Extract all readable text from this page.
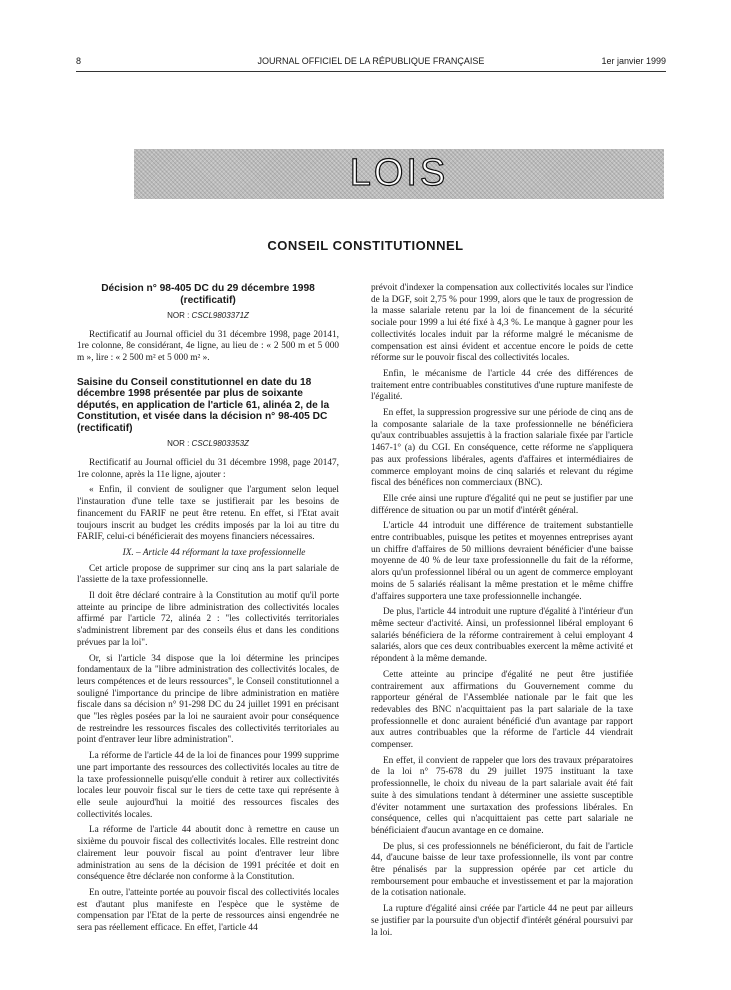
8	JOURNAL OFFICIEL DE LA RÉPUBLIQUE FRANÇAISE	1er janvier 1999
LOIS
CONSEIL CONSTITUTIONNEL
Décision n° 98-405 DC du 29 décembre 1998 (rectificatif)
NOR : CSCL9803371Z

Rectificatif au Journal officiel du 31 décembre 1998, page 20141, 1re colonne, 8e considérant, 4e ligne, au lieu de : « 2 500 m et 5 000 m », lire : « 2 500 m² et 5 000 m² ».

Saisine du Conseil constitutionnel en date du 18 décembre 1998 présentée par plus de soixante députés, en application de l'article 61, alinéa 2, de la Constitution, et visée dans la décision n° 98-405 DC (rectificatif)
NOR : CSCL9803353Z

Rectificatif au Journal officiel du 31 décembre 1998, page 20147, 1re colonne, après la 11e ligne, ajouter :

« Enfin, il convient de souligner que l'argument selon lequel l'instauration d'une telle taxe se justifierait par les besoins de financement du FARIF ne peut être retenu. En effet, si l'Etat avait toujours inscrit au budget les crédits imposés par la loi au titre du FARIF, celui-ci bénéficierait des moyens financiers nécessaires.

IX. – Article 44 réformant la taxe professionnelle

Cet article propose de supprimer sur cinq ans la part salariale de l'assiette de la taxe professionnelle.

Il doit être déclaré contraire à la Constitution au motif qu'il porte atteinte au principe de libre administration des collectivités locales affirmé par l'article 72, alinéa 2 : "les collectivités territoriales s'administrent librement par des conseils élus et dans les conditions prévues par la loi".

Or, si l'article 34 dispose que la loi détermine les principes fondamentaux de la "libre administration des collectivités locales, de leurs compétences et de leurs ressources", le Conseil constitutionnel a souligné l'importance du principe de libre administration en matière fiscale dans sa décision n° 91-298 DC du 24 juillet 1991 en précisant que "les règles posées par la loi ne sauraient avoir pour conséquence de restreindre les ressources fiscales des collectivités territoriales au point d'entraver leur libre administration".

La réforme de l'article 44 de la loi de finances pour 1999 supprime une part importante des ressources des collectivités locales au titre de la taxe professionnelle puisqu'elle conduit à retirer aux collectivités locales leur pouvoir fiscal sur le tiers de cette taxe qui représente à elle seule aujourd'hui la moitié des ressources fiscales des collectivités locales.

La réforme de l'article 44 aboutit donc à remettre en cause un sixième du pouvoir fiscal des collectivités locales. Elle restreint donc clairement leur pouvoir fiscal au point d'entraver leur libre administration au sens de la décision de 1991 précitée et doit en conséquence être déclarée non conforme à la Constitution.

En outre, l'atteinte portée au pouvoir fiscal des collectivités locales est d'autant plus manifeste en l'espèce que le système de compensation par l'Etat de la perte de ressources ainsi engendrée ne sera pas réellement efficace. En effet, l'article 44

prévoit d'indexer la compensation aux collectivités locales sur l'indice de la DGF, soit 2,75 % pour 1999, alors que le taux de progression de la masse salariale retenu par la loi de financement de la sécurité sociale pour 1999 a lui été fixé à 4,3 %. Le manque à gagner pour les collectivités locales induit par la réforme malgré le mécanisme de compensation est ainsi évident et accentue encore le poids de cette réforme sur le pouvoir fiscal des collectivités locales.

Enfin, le mécanisme de l'article 44 crée des différences de traitement entre contribuables constitutives d'une rupture manifeste de l'égalité.

En effet, la suppression progressive sur une période de cinq ans de la composante salariale de la taxe professionnelle ne bénéficiera qu'aux contribuables assujettis à la fraction salariale fixée par l'article 1467-1° (a) du CGI. En conséquence, cette réforme ne s'appliquera pas aux professions libérales, agents d'affaires et intermédiaires de commerce employant moins de cinq salariés et relevant du régime fiscal des bénéfices non commerciaux (BNC).

Elle crée ainsi une rupture d'égalité qui ne peut se justifier par une différence de situation ou par un motif d'intérêt général.

L'article 44 introduit une différence de traitement substantielle entre contribuables, puisque les petites et moyennes entreprises ayant un chiffre d'affaires de 50 millions devraient bénéficier d'une baisse moyenne de 40 % de leur taxe professionnelle du fait de la réforme, alors qu'un professionnel libéral ou un agent de commerce employant moins de 5 salariés réalisant la même prestation et le même chiffre d'affaires supportera une taxe professionnelle inchangée.

De plus, l'article 44 introduit une rupture d'égalité à l'intérieur d'un même secteur d'activité. Ainsi, un professionnel libéral employant 6 salariés bénéficiera de la réforme contrairement à celui employant 4 salariés, alors que ces deux contribuables exercent la même activité et répondent à la même demande.

Cette atteinte au principe d'égalité ne peut être justifiée contrairement aux affirmations du Gouvernement comme du rapporteur général de l'Assemblée nationale par le fait que les redevables des BNC n'acquittaient pas la part salariale de la taxe professionnelle et donc auraient bénéficié d'un avantage par rapport aux autres contribuables que la réforme de l'article 44 viendrait compenser.

En effet, il convient de rappeler que lors des travaux préparatoires de la loi n° 75-678 du 29 juillet 1975 instituant la taxe professionnelle, le choix du niveau de la part salariale avait été fait suite à des simulations tendant à déterminer une assiette susceptible d'éviter notamment une surtaxation des professions libérales. En conséquence, celles qui n'acquittaient pas cette part salariale ne bénéficiaient d'aucun avantage en ce domaine.

De plus, si ces professionnels ne bénéficieront, du fait de l'article 44, d'aucune baisse de leur taxe professionnelle, ils vont par contre être pénalisés par la suppression opérée par cet article du remboursement pour embauche et investissement et par la majoration de la cotisation nationale.

La rupture d'égalité ainsi créée par l'article 44 ne peut par ailleurs se justifier par la poursuite d'un objectif d'intérêt général poursuivi par la loi.
